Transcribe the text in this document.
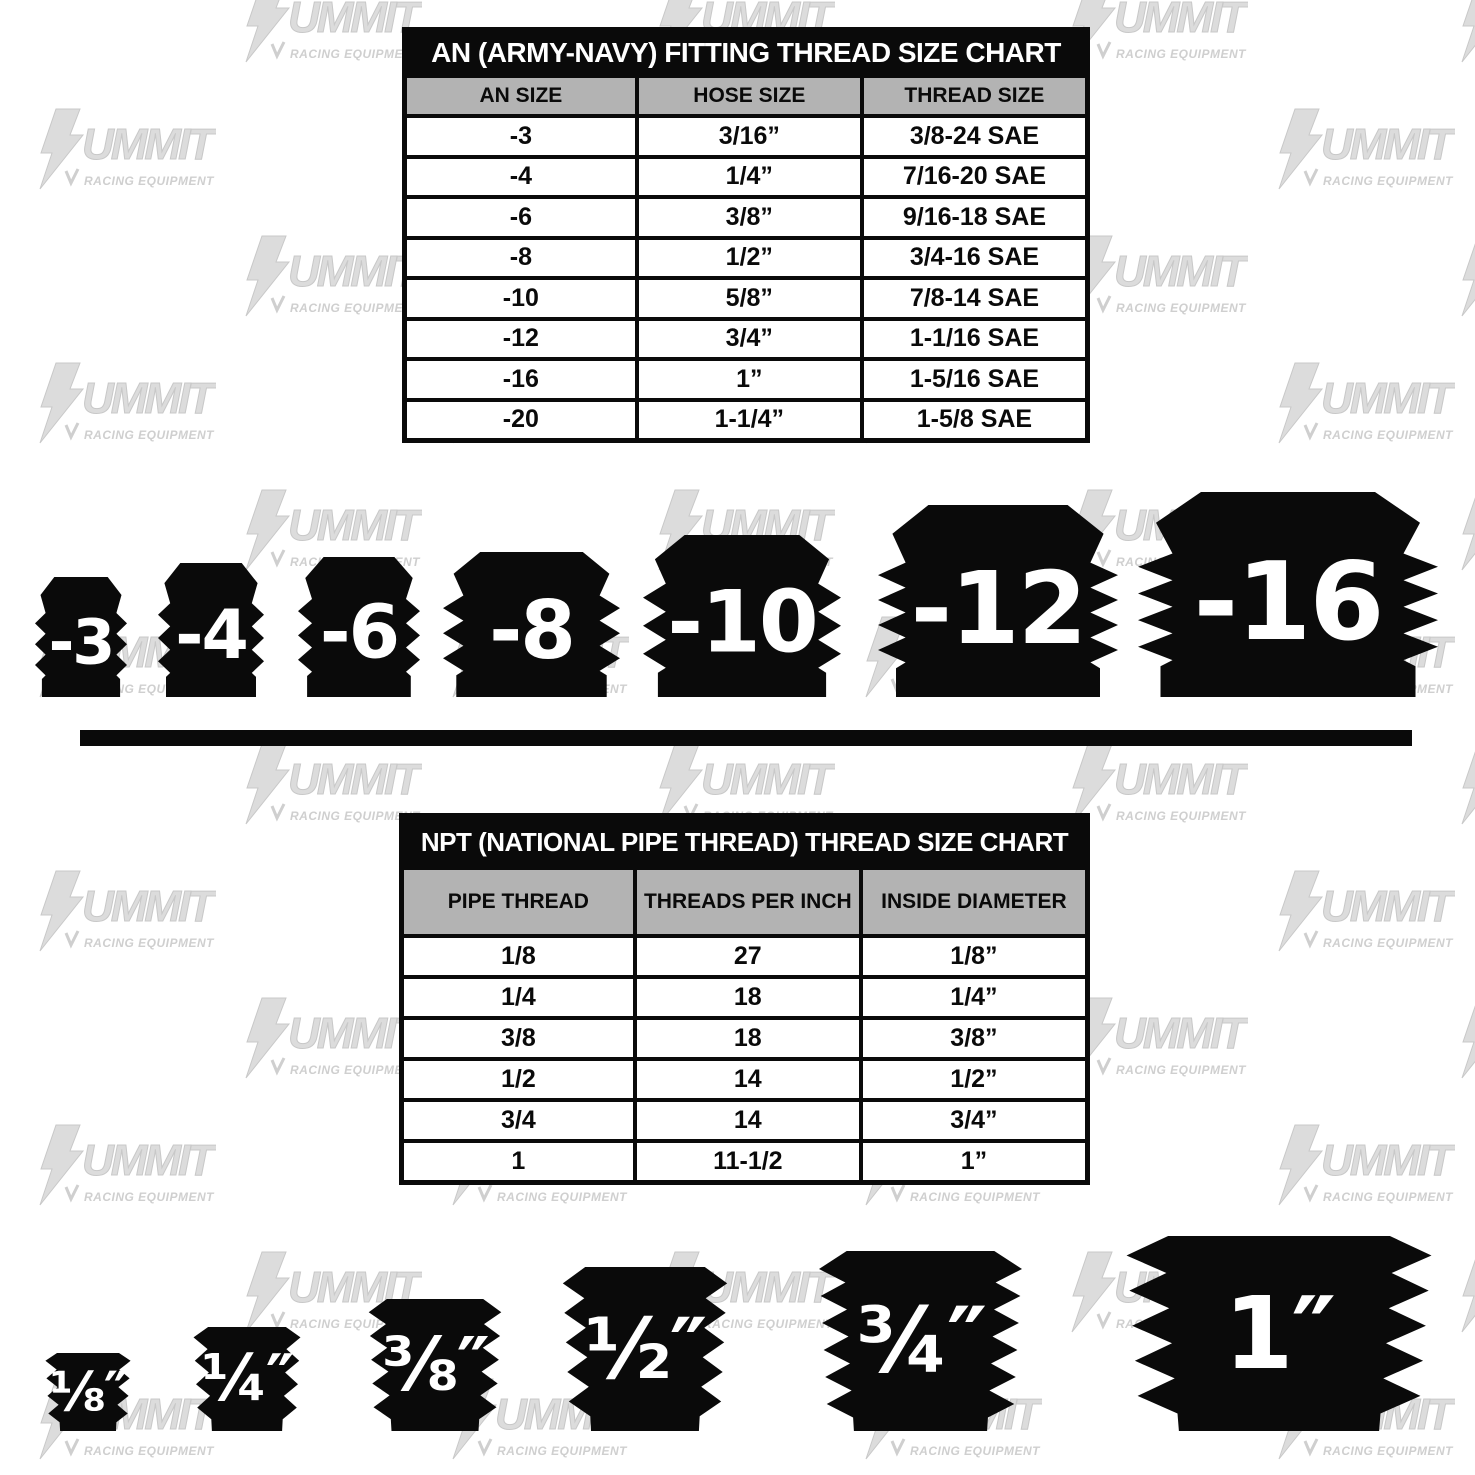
AN (ARMY-NAVY) FITTING THREAD SIZE CHART
AN SIZE	HOSE SIZE	THREAD SIZE
-3	3/16”	3/8-24 SAE
-4	1/4”	7/16-20 SAE
-6	3/8”	9/16-18 SAE
-8	1/2”	3/4-16 SAE
-10	5/8”	7/8-14 SAE
-12	3/4”	1-1/16 SAE
-16	1”	1-5/16 SAE
-20	1-1/4”	1-5/8 SAE
NPT (NATIONAL PIPE THREAD) THREAD SIZE CHART
PIPE THREAD	THREADS PER INCH	INSIDE DIAMETER
1/8	27	1/8”
1/4	18	1/4”
3/8	18	3/8”
1/2	14	1/2”
3/4	14	3/4”
1	11-1/2	1”
-3 -4 -6 -8 -10 -12 -16
⅛″ ¼″ ⅜″ ½″ ¾″ 1″
